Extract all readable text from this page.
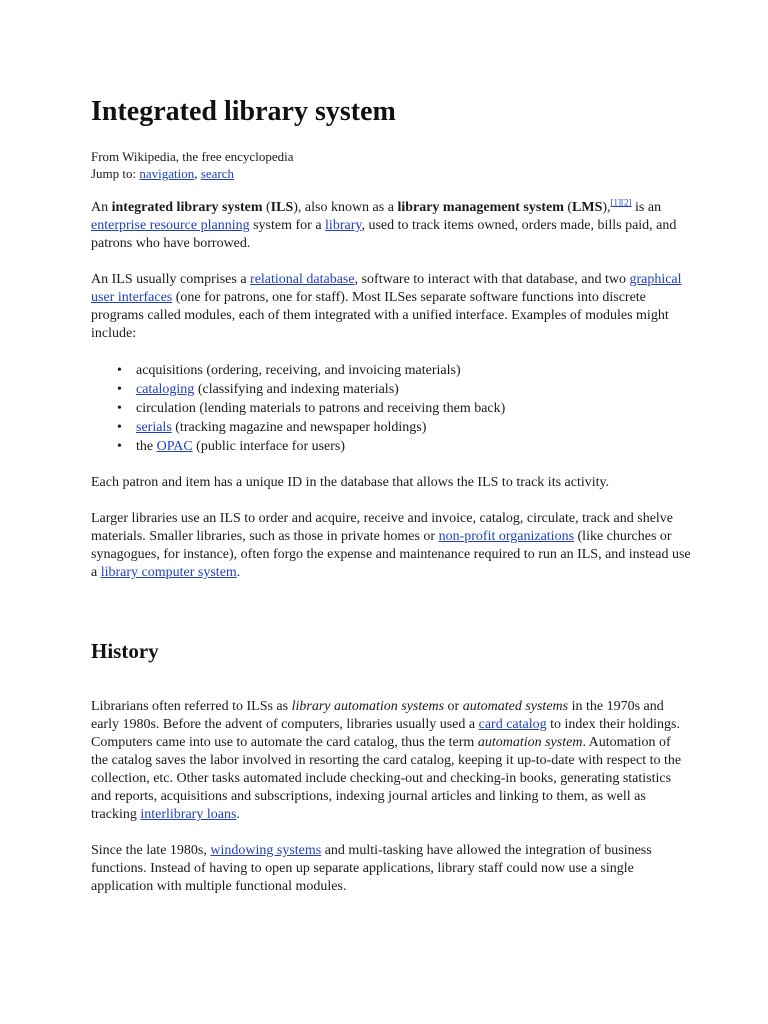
Integrated library system
From Wikipedia, the free encyclopedia
Jump to: navigation, search

An integrated library system (ILS), also known as a library management system (LMS),[1][2] is an enterprise resource planning system for a library, used to track items owned, orders made, bills paid, and patrons who have borrowed.

An ILS usually comprises a relational database, software to interact with that database, and two graphical user interfaces (one for patrons, one for staff). Most ILSes separate software functions into discrete programs called modules, each of them integrated with a unified interface. Examples of modules might include:

• acquisitions (ordering, receiving, and invoicing materials)
• cataloging (classifying and indexing materials)
• circulation (lending materials to patrons and receiving them back)
• serials (tracking magazine and newspaper holdings)
• the OPAC (public interface for users)

Each patron and item has a unique ID in the database that allows the ILS to track its activity.

Larger libraries use an ILS to order and acquire, receive and invoice, catalog, circulate, track and shelve materials. Smaller libraries, such as those in private homes or non-profit organizations (like churches or synagogues, for instance), often forgo the expense and maintenance required to run an ILS, and instead use a library computer system.

History

Librarians often referred to ILSs as library automation systems or automated systems in the 1970s and early 1980s. Before the advent of computers, libraries usually used a card catalog to index their holdings. Computers came into use to automate the card catalog, thus the term automation system. Automation of the catalog saves the labor involved in resorting the card catalog, keeping it up-to-date with respect to the collection, etc. Other tasks automated include checking-out and checking-in books, generating statistics and reports, acquisitions and subscriptions, indexing journal articles and linking to them, as well as tracking interlibrary loans.

Since the late 1980s, windowing systems and multi-tasking have allowed the integration of business functions. Instead of having to open up separate applications, library staff could now use a single application with multiple functional modules.
